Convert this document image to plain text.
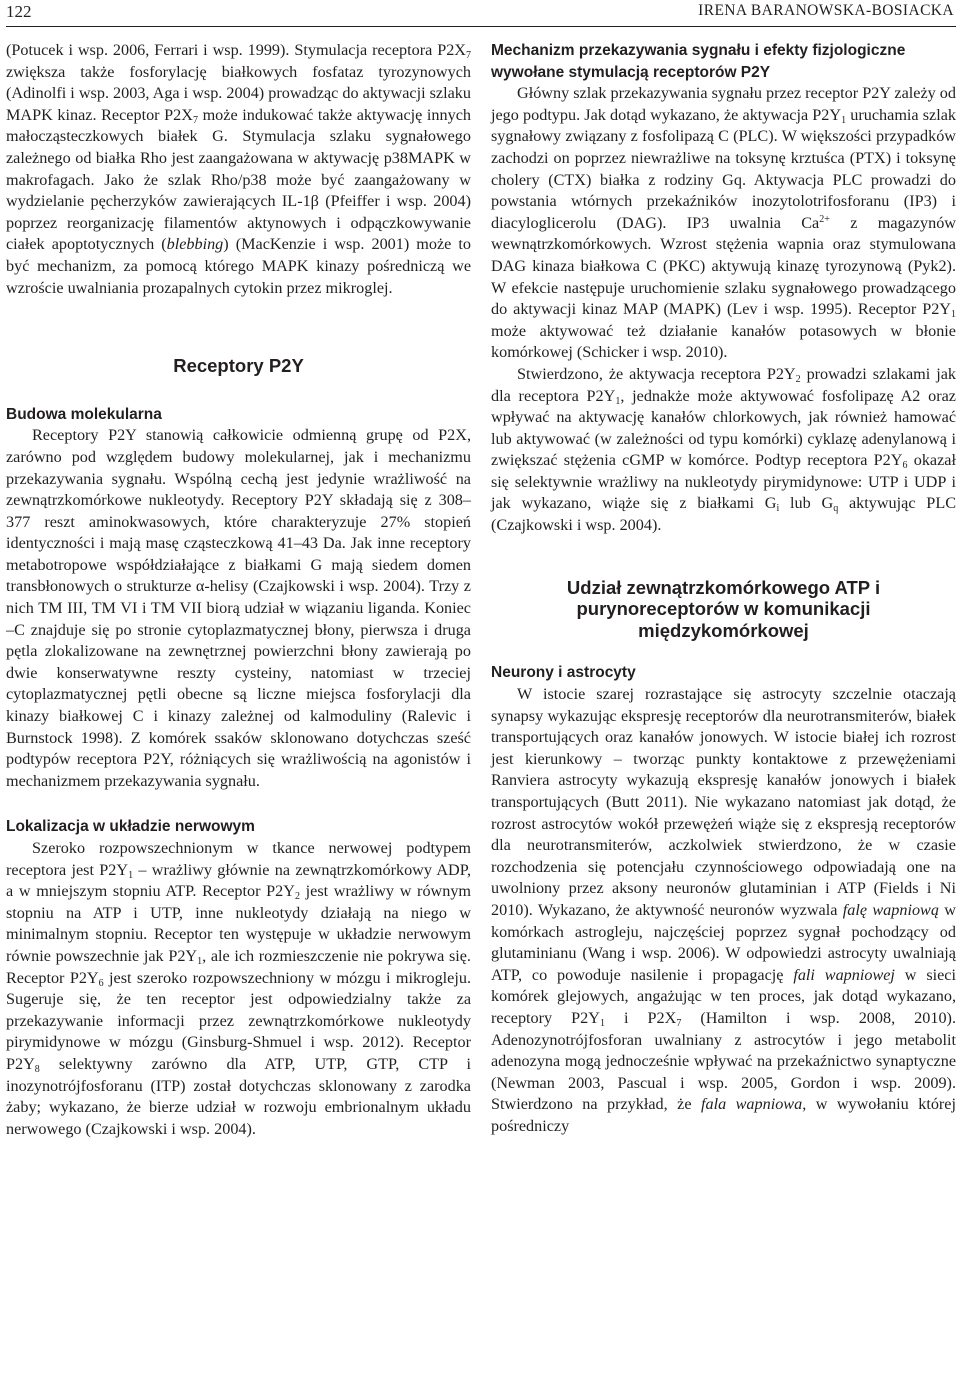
122	IRENA BARANOWSKA-BOSIACKA

(Potucek i wsp. 2006, Ferrari i wsp. 1999). Stymulacja receptora $P2X_7$ zwiększa także fosforylację białkowych fosfataz tyrozynowych (Adinolfi i wsp. 2003, Aga i wsp. 2004) prowadząc do aktywacji szlaku MAPK kinaz. Receptor $P2X_7$ może indukować także aktywację innych małocząsteczkowych białek G. Stymulacja szlaku sygnałowego zależnego od białka Rho jest zaangażowana w aktywację p38MAPK w makrofagach. Jako że szlak Rho/p38 może być zaangażowany w wydzielanie pęcherzyków zawierających IL-1β (Pfeiffer i wsp. 2004) poprzez reorganizację filamentów aktynowych i odpączkowywanie ciałek apoptotycznych (blebbing) (MacKenzie i wsp. 2001) może to być mechanizm, za pomocą którego MAPK kinazy pośredniczą we wzroście uwalniania prozapalnych cytokin przez mikroglej.

Receptory P2Y

Budowa molekularna

Receptory P2Y stanowią całkowicie odmienną grupę od P2X, zarówno pod względem budowy molekularnej, jak i mechanizmu przekazywania sygnału. Wspólną cechą jest jedynie wrażliwość na zewnątrzkomórkowe nukleotydy. Receptory P2Y składają się z 308–377 reszt aminokwasowych, które charakteryzuje 27% stopień identyczności i mają masę cząsteczkową 41–43 Da. Jak inne receptory metabotropowe współdziałające z białkami G mają siedem domen transbłonowych o strukturze α-helisy (Czajkowski i wsp. 2004). Trzy z nich TM III, TM VI i TM VII biorą udział w wiązaniu liganda. Koniec –C znajduje się po stronie cytoplazmatycznej błony, pierwsza i druga pętla zlokalizowane na zewnętrznej powierzchni błony zawierają po dwie konserwatywne reszty cysteiny, natomiast w trzeciej cytoplazmatycznej pętli obecne są liczne miejsca fosforylacji dla kinazy białkowej C i kinazy zależnej od kalmoduliny (Ralevic i Burnstock 1998). Z komórek ssaków sklonowano dotychczas sześć podtypów receptora P2Y, różniących się wrażliwością na agonistów i mechanizmem przekazywania sygnału.

Lokalizacja w układzie nerwowym

Szeroko rozpowszechnionym w tkance nerwowej podtypem receptora jest $P2Y_1$ – wrażliwy głównie na zewnątrzkomórkowy ADP, a w mniejszym stopniu ATP. Receptor $P2Y_2$ jest wrażliwy w równym stopniu na ATP i UTP, inne nukleotydy działają na niego w minimalnym stopniu. Receptor ten występuje w układzie nerwowym równie powszechnie jak $P2Y_1$, ale ich rozmieszczenie nie pokrywa się. Receptor $P2Y_6$ jest szeroko rozpowszechniony w mózgu i mikrogleju. Sugeruje się, że ten receptor jest odpowiedzialny także za przekazywanie informacji przez zewnątrzkomórkowe nukleotydy pirymidynowe w mózgu (Ginsburg-Shmuel i wsp. 2012). Receptor $P2Y_8$ selektywny zarówno dla ATP, UTP, GTP, CTP i inozynotrójfosforanu (ITP) został dotychczas sklonowany z zarodka żaby; wykazano, że bierze udział w rozwoju embrionalnym układu nerwowego (Czajkowski i wsp. 2004).

Mechanizm przekazywania sygnału i efekty fizjologiczne wywołane stymulacją receptorów P2Y

Główny szlak przekazywania sygnału przez receptor P2Y zależy od jego podtypu. Jak dotąd wykazano, że aktywacja $P2Y_1$ uruchamia szlak sygnałowy związany z fosfolipazą C (PLC). W większości przypadków zachodzi on poprzez niewrażliwe na toksynę krztuśca (PTX) i toksynę cholery (CTX) białka z rodziny Gq. Aktywacja PLC prowadzi do powstania wtórnych przekaźników inozytolotrifosforanu (IP3) i diacyloglicerolu (DAG). IP3 uwalnia $Ca^{2+}$ z magazynów wewnątrzkomórkowych. Wzrost stężenia wapnia oraz stymulowana DAG kinaza białkowa C (PKC) aktywują kinazę tyrozynową (Pyk2). W efekcie następuje uruchomienie szlaku sygnałowego prowadzącego do aktywacji kinaz MAP (MAPK) (Lev i wsp. 1995). Receptor $P2Y_1$ może aktywować też działanie kanałów potasowych w błonie komórkowej (Schicker i wsp. 2010).

Stwierdzono, że aktywacja receptora $P2Y_2$ prowadzi szlakami jak dla receptora $P2Y_1$, jednakże może aktywować fosfolipazę A2 oraz wpływać na aktywację kanałów chlorkowych, jak również hamować lub aktywować (w zależności od typu komórki) cyklazę adenylanową i zwiększać stężenia cGMP w komórce. Podtyp receptora $P2Y_6$ okazał się selektywnie wrażliwy na nukleotydy pirymidynowe: UTP i UDP i jak wykazano, wiąże się z białkami $G_i$ lub $G_q$ aktywując PLC (Czajkowski i wsp. 2004).

Udział zewnątrzkomórkowego ATP i purynoreceptorów w komunikacji międzykomórkowej

Neurony i astrocyty

W istocie szarej rozrastające się astrocyty szczelnie otaczają synapsy wykazując ekspresję receptorów dla neurotransmiterów, białek transportujących oraz kanałów jonowych. W istocie białej ich rozrost jest kierunkowy – tworząc punkty kontaktowe z przewężeniami Ranviera astrocyty wykazują ekspresję kanałów jonowych i białek transportujących (Butt 2011). Nie wykazano natomiast jak dotąd, że rozrost astrocytów wokół przewężeń wiąże się z ekspresją receptorów dla neurotransmiterów, aczkolwiek stwierdzono, że w czasie rozchodzenia się potencjału czynnościowego odpowiadają one na uwolniony przez aksony neuronów glutaminian i ATP (Fields i Ni 2010). Wykazano, że aktywność neuronów wyzwala falę wapniową w komórkach astrogleju, najczęściej poprzez sygnał pochodzący od glutaminianu (Wang i wsp. 2006). W odpowiedzi astrocyty uwalniają ATP, co powoduje nasilenie i propagację fali wapniowej w sieci komórek glejowych, angażując w ten proces, jak dotąd wykazano, receptory $P2Y_1$ i $P2X_7$ (Hamilton i wsp. 2008, 2010). Adenozynotrójfosforan uwalniany z astrocytów i jego metabolit adenozyna mogą jednocześnie wpływać na przekaźnictwo synaptyczne (Newman 2003, Pascual i wsp. 2005, Gordon i wsp. 2009). Stwierdzono na przykład, że fala wapniowa, w wywołaniu której pośredniczy
